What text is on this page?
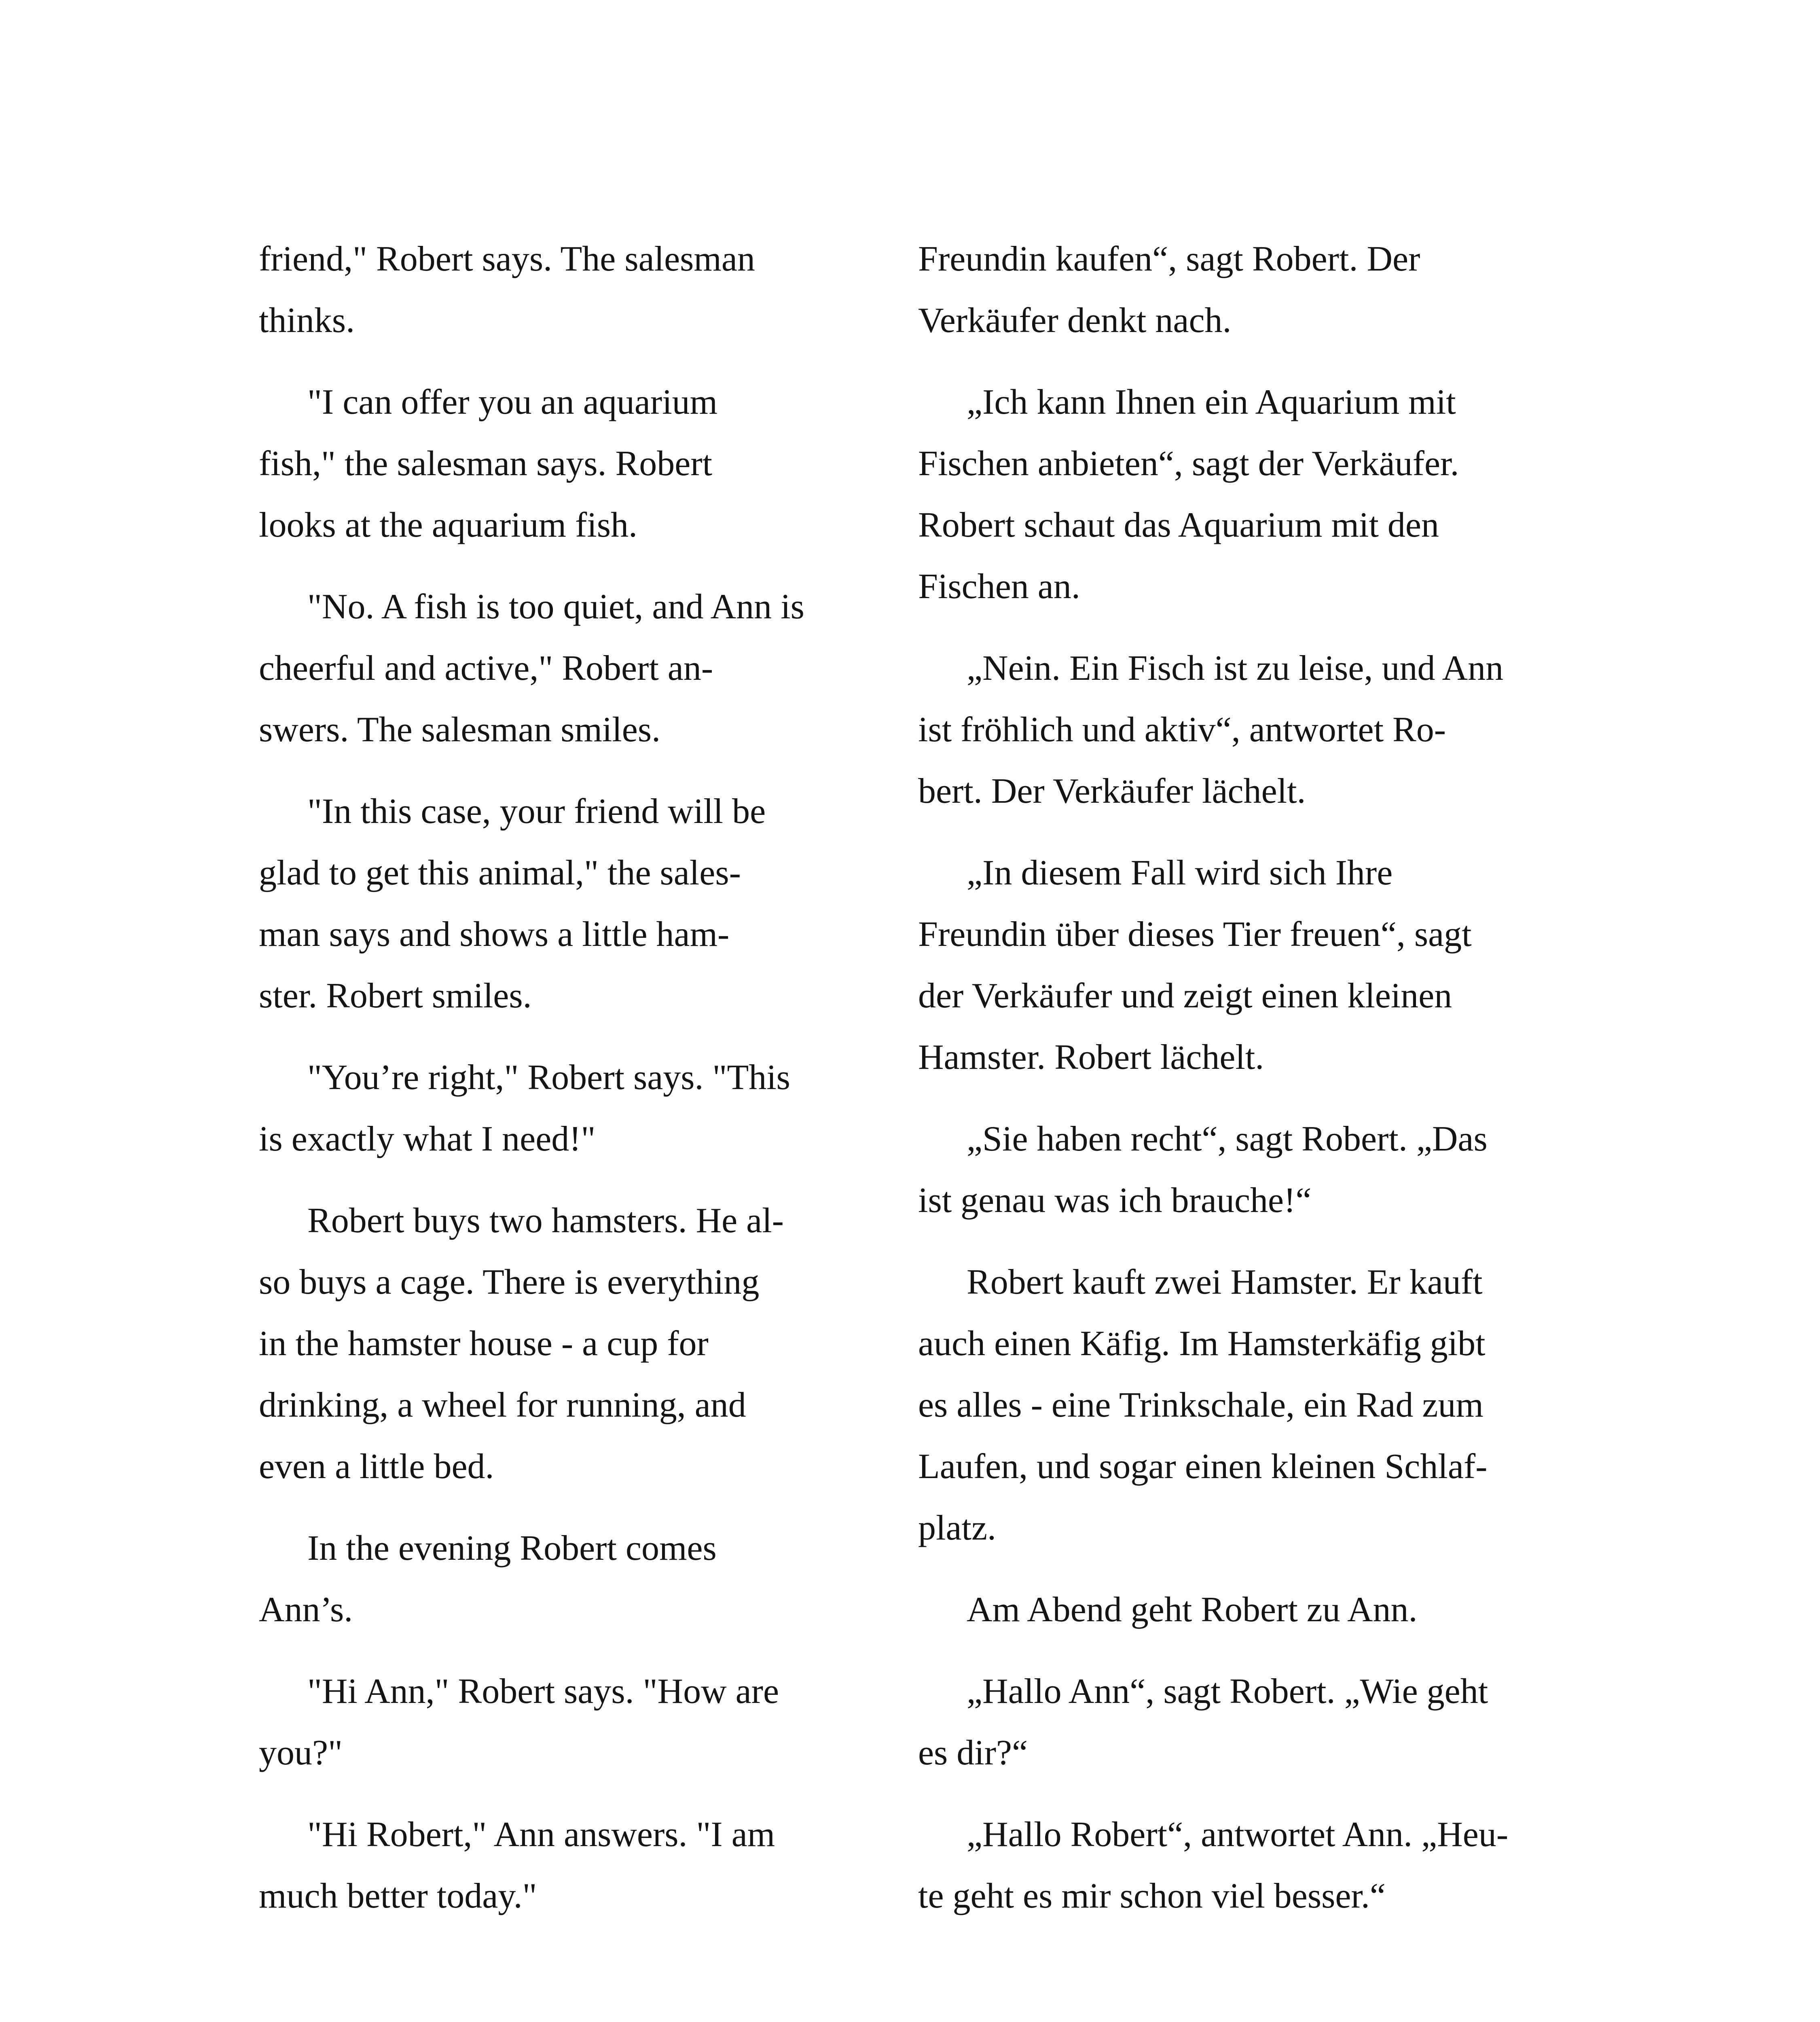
friend," Robert says. The salesman
thinks.

"I can offer you an aquarium
fish," the salesman says. Robert
looks at the aquarium fish.

"No. A fish is too quiet, and Ann is
cheerful and active," Robert an-
swers. The salesman smiles.

"In this case, your friend will be
glad to get this animal," the sales-
man says and shows a little ham-
ster. Robert smiles.

"You’re right," Robert says. "This
is exactly what I need!"

Robert buys two hamsters. He al-
so buys a cage. There is everything
in the hamster house - a cup for
drinking, a wheel for running, and
even a little bed.

In the evening Robert comes
Ann’s.

"Hi Ann," Robert says. "How are
you?"

"Hi Robert," Ann answers. "I am
much better today."

Freundin kaufen“, sagt Robert. Der
Verkäufer denkt nach.

„Ich kann Ihnen ein Aquarium mit
Fischen anbieten“, sagt der Verkäufer.
Robert schaut das Aquarium mit den
Fischen an.

„Nein. Ein Fisch ist zu leise, und Ann
ist fröhlich und aktiv“, antwortet Ro-
bert. Der Verkäufer lächelt.

„In diesem Fall wird sich Ihre
Freundin über dieses Tier freuen“, sagt
der Verkäufer und zeigt einen kleinen
Hamster. Robert lächelt.

„Sie haben recht“, sagt Robert. „Das
ist genau was ich brauche!“

Robert kauft zwei Hamster. Er kauft
auch einen Käfig. Im Hamsterkäfig gibt
es alles - eine Trinkschale, ein Rad zum
Laufen, und sogar einen kleinen Schlaf-
platz.

Am Abend geht Robert zu Ann.

„Hallo Ann“, sagt Robert. „Wie geht
es dir?“

„Hallo Robert“, antwortet Ann. „Heu-
te geht es mir schon viel besser.“
